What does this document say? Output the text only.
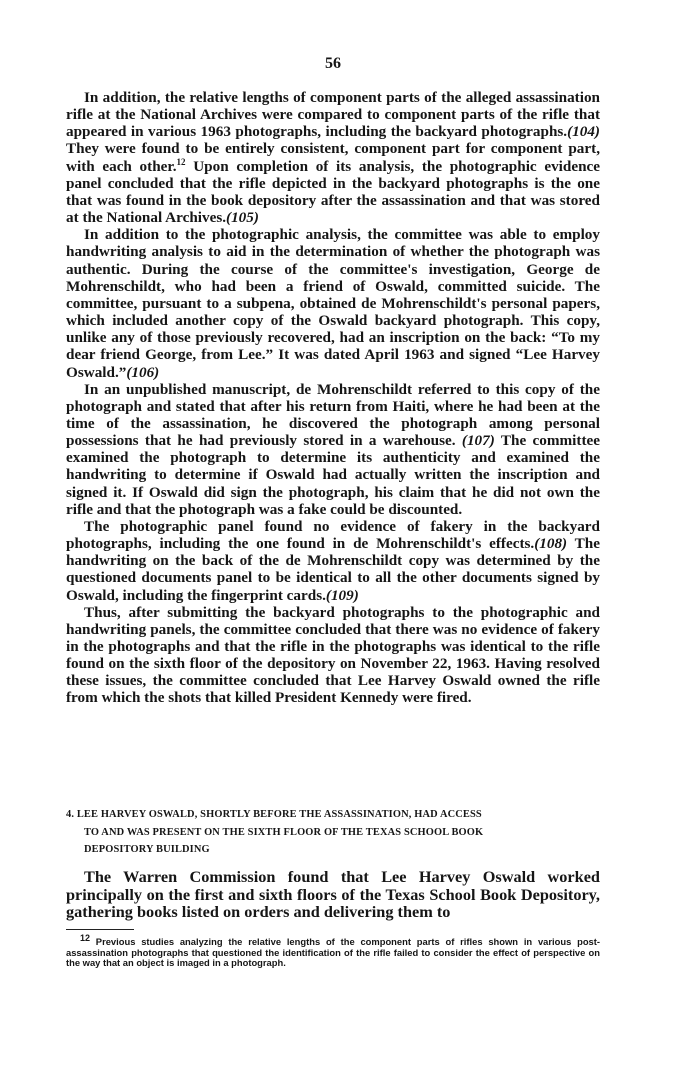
56

In addition, the relative lengths of component parts of the alleged assassination rifle at the National Archives were compared to component parts of the rifle that appeared in various 1963 photographs, including the backyard photographs.(104) They were found to be entirely consistent, component part for component part, with each other.$^{12}$ Upon completion of its analysis, the photographic evidence panel concluded that the rifle depicted in the backyard photographs is the one that was found in the book depository after the assassination and that was stored at the National Archives.(105)

In addition to the photographic analysis, the committee was able to employ handwriting analysis to aid in the determination of whether the photograph was authentic. During the course of the committee's investigation, George de Mohrenschildt, who had been a friend of Oswald, committed suicide. The committee, pursuant to a subpena, obtained de Mohrenschildt's personal papers, which included another copy of the Oswald backyard photograph. This copy, unlike any of those previously recovered, had an inscription on the back: “To my dear friend George, from Lee.” It was dated April 1963 and signed “Lee Harvey Oswald.”(106)

In an unpublished manuscript, de Mohrenschildt referred to this copy of the photograph and stated that after his return from Haiti, where he had been at the time of the assassination, he discovered the photograph among personal possessions that he had previously stored in a warehouse. (107) The committee examined the photograph to determine its authenticity and examined the handwriting to determine if Oswald had actually written the inscription and signed it. If Oswald did sign the photograph, his claim that he did not own the rifle and that the photograph was a fake could be discounted.

The photographic panel found no evidence of fakery in the backyard photographs, including the one found in de Mohrenschildt's effects.(108) The handwriting on the back of the de Mohrenschildt copy was determined by the questioned documents panel to be identical to all the other documents signed by Oswald, including the fingerprint cards.(109)

Thus, after submitting the backyard photographs to the photographic and handwriting panels, the committee concluded that there was no evidence of fakery in the photographs and that the rifle in the photographs was identical to the rifle found on the sixth floor of the depository on November 22, 1963. Having resolved these issues, the committee concluded that Lee Harvey Oswald owned the rifle from which the shots that killed President Kennedy were fired.

4. LEE HARVEY OSWALD, SHORTLY BEFORE THE ASSASSINATION, HAD ACCESS
TO AND WAS PRESENT ON THE SIXTH FLOOR OF THE TEXAS SCHOOL BOOK
DEPOSITORY BUILDING

The Warren Commission found that Lee Harvey Oswald worked principally on the first and sixth floors of the Texas School Book Depository, gathering books listed on orders and delivering them to

$^{12}$ Previous studies analyzing the relative lengths of the component parts of rifles shown in various post-assassination photographs that questioned the identification of the rifle failed to consider the effect of perspective on the way that an object is imaged in a photograph.
